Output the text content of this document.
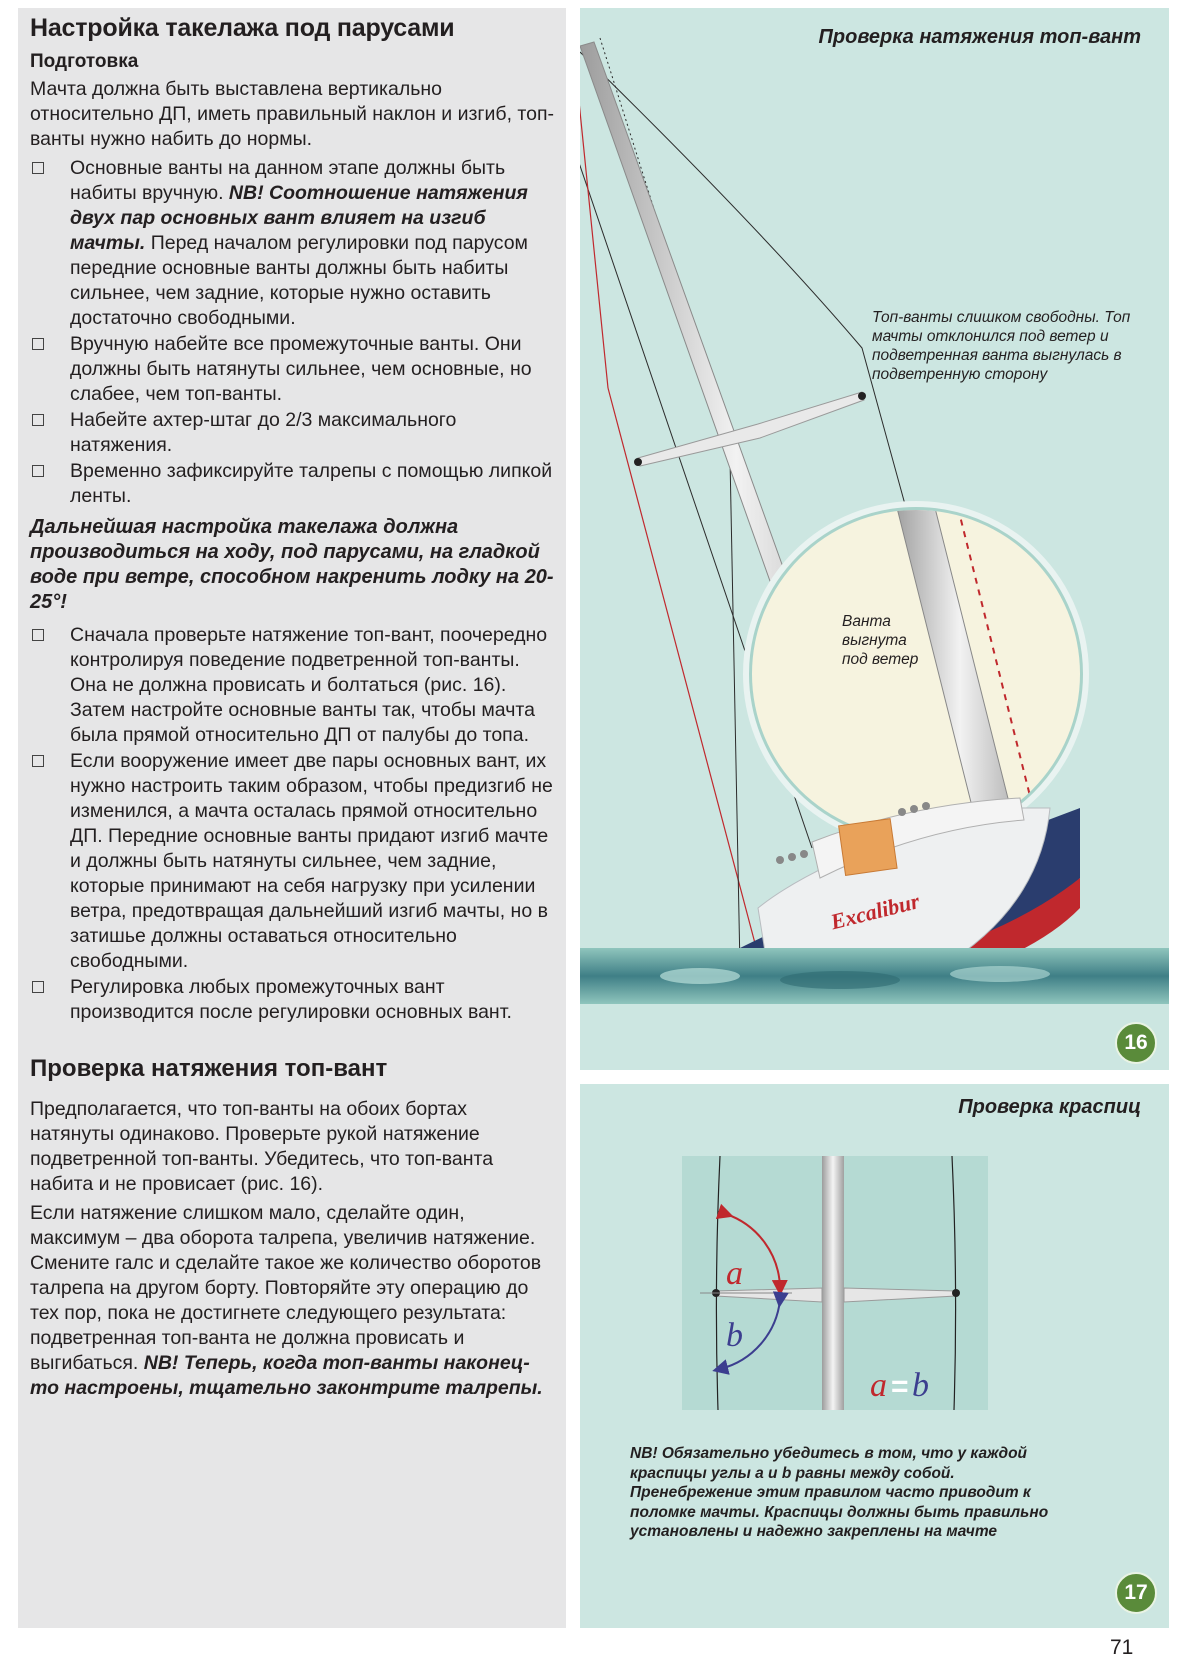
Настройка такелажа под парусами
Подготовка
Мачта должна быть выставлена вертикально относительно ДП, иметь правильный наклон и изгиб, топ-ванты нужно набить до нормы.
Основные ванты на данном этапе должны быть набиты вручную. NB! Соотношение натяжения двух пар основных вант влияет на изгиб мачты. Перед началом регулировки под парусом передние основные ванты должны быть набиты сильнее, чем задние, которые нужно оставить достаточно свободными.
Вручную набейте все промежуточные ванты. Они должны быть натянуты сильнее, чем основные, но слабее, чем топ-ванты.
Набейте ахтер-штаг до 2/3 максимального натяжения.
Временно зафиксируйте талрепы с помощью липкой ленты.
Дальнейшая настройка такелажа должна производиться на ходу, под парусами, на гладкой воде при ветре, способном накренить лодку на 20-25°!
Сначала проверьте натяжение топ-вант, поочередно контролируя поведение подветренной топ-ванты. Она не должна провисать и болтаться (рис. 16). Затем настройте основные ванты так, чтобы мачта была прямой относительно ДП от палубы до топа.
Если вооружение имеет две пары основных вант, их нужно настроить таким образом, чтобы предизгиб не изменился, а мачта осталась прямой относительно ДП. Передние основные ванты придают изгиб мачте и должны быть натянуты сильнее, чем задние, которые принимают на себя нагрузку при усилении ветра, предотвращая дальнейший изгиб мачты, но в затишье должны оставаться относительно свободными.
Регулировка любых промежуточных вант производится после регулировки основных вант.
Проверка натяжения топ-вант
Предполагается, что топ-ванты на обоих бортах натянуты одинаково. Проверьте рукой натяжение подветренной топ-ванты. Убедитесь, что топ-ванта набита и не провисает (рис. 16).
Если натяжение слишком мало, сделайте один, максимум – два оборота талрепа, увеличив натяжение. Смените галс и сделайте такое же количество оборотов талрепа на другом борту. Повторяйте эту операцию до тех пор, пока не достигнете следующего результата: подветренная топ-ванта не должна провисать и выгибаться. NB! Теперь, когда топ-ванты наконец-то настроены, тщательно законтрите талрепы.
Excalibur
Проверка натяжения топ-вант
Топ-ванты слишком свободны. Топ мачты отклонился под ветер и подветренная ванта выгнулась в подветренную сторону
Ванта
выгнута
под ветер
16
Проверка краспиц
a
b
a = b
NB! Обязательно убедитесь в том, что у каждой краспицы углы a и b равны между собой. Пренебрежение этим правилом часто приводит к поломке мачты. Краспицы должны быть правильно установлены и надежно закреплены на мачте
17
71
